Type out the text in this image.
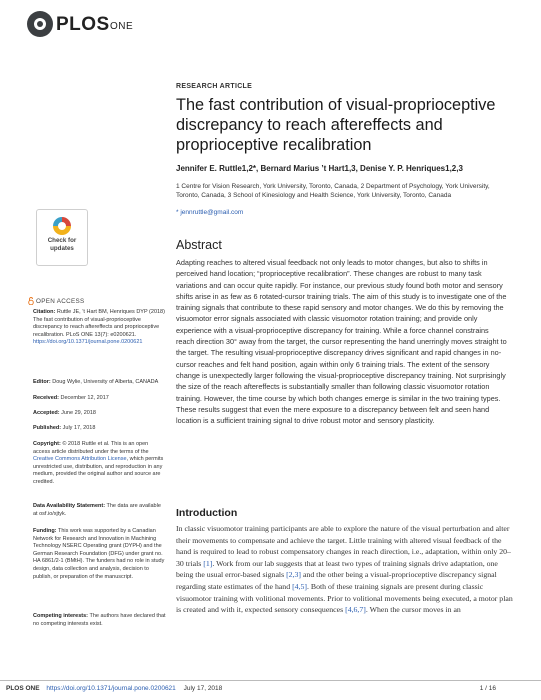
PLOS ONE
RESEARCH ARTICLE
The fast contribution of visual-proprioceptive discrepancy to reach aftereffects and proprioceptive recalibration
Jennifer E. Ruttle1,2*, Bernard Marius ’t Hart1,3, Denise Y. P. Henriques1,2,3
1 Centre for Vision Research, York University, Toronto, Canada, 2 Department of Psychology, York University, Toronto, Canada, 3 School of Kinesiology and Health Science, York University, Toronto, Canada
* jennruttle@gmail.com
Abstract
Adapting reaches to altered visual feedback not only leads to motor changes, but also to shifts in perceived hand location; “proprioceptive recalibration”. These changes are robust to many task variations and can occur quite rapidly. For instance, our previous study found both motor and sensory shifts arise in as few as 6 rotated-cursor training trials. The aim of this study is to investigate one of the training signals that contribute to these rapid sensory and motor changes. We do this by removing the visuomotor error signals associated with classic visuomotor rotation training; and provide only experience with a visual-proprioceptive discrepancy for training. While a force channel constrains reach direction 30° away from the target, the cursor representing the hand unerringly moves straight to the target. The resulting visual-proprioceptive discrepancy drives significant and rapid changes in no-cursor reaches and felt hand position, again within only 6 training trials. The extent of the sensory change is unexpectedly larger following the visual-proprioceptive discrepancy training. Not surprisingly the size of the reach aftereffects is substantially smaller than following classic visuomotor rotation training. However, the time course by which both changes emerge is similar in the two training types. These results suggest that even the mere exposure to a discrepancy between felt and seen hand location is a sufficient training signal to drive robust motor and sensory plasticity.
Introduction
In classic visuomotor training participants are able to explore the nature of the visual perturbation and alter their movements to compensate and achieve the target. Little training with altered visual feedback of the hand is required to lead to robust compensatory changes in reach direction, i.e., adaptation, within only 20–30 trials [1]. Work from our lab suggests that at least two types of training signals drive adaptation, one being the usual error-based signals [2,3] and the other being a visual-proprioceptive discrepancy signal regarding state estimates of the hand [4,5]. Both of these training signals are present during classic visuomotor training with volitional movements. Prior to volitional movements being executed, a motor plan is created and with it, expected sensory consequences [4,6,7]. When the cursor moves in an
Check for updates
OPEN ACCESS
Citation: Ruttle JE, ’t Hart BM, Henriques DYP (2018) The fast contribution of visual-proprioceptive discrepancy to reach aftereffects and proprioceptive recalibration. PLoS ONE 13(7): e0200621. https://doi.org/10.1371/journal.pone.0200621
Editor: Doug Wylie, University of Alberta, CANADA
Received: December 12, 2017
Accepted: June 29, 2018
Published: July 17, 2018
Copyright: © 2018 Ruttle et al. This is an open access article distributed under the terms of the Creative Commons Attribution License, which permits unrestricted use, distribution, and reproduction in any medium, provided the original author and source are credited.
Data Availability Statement: The data are available at osf.io/xjtyk.
Funding: This work was supported by a Canadian Network for Research and Innovation in Machining Technology NSERC Operating grant (DYPH) and the German Research Foundation (DFG) under grant no. HA 6861/2-1 (BMtH). The funders had no role in study design, data collection and analysis, decision to publish, or preparation of the manuscript.
Competing interests: The authors have declared that no competing interests exist.
PLOS ONE https://doi.org/10.1371/journal.pone.0200621 July 17, 2018	1 / 16
